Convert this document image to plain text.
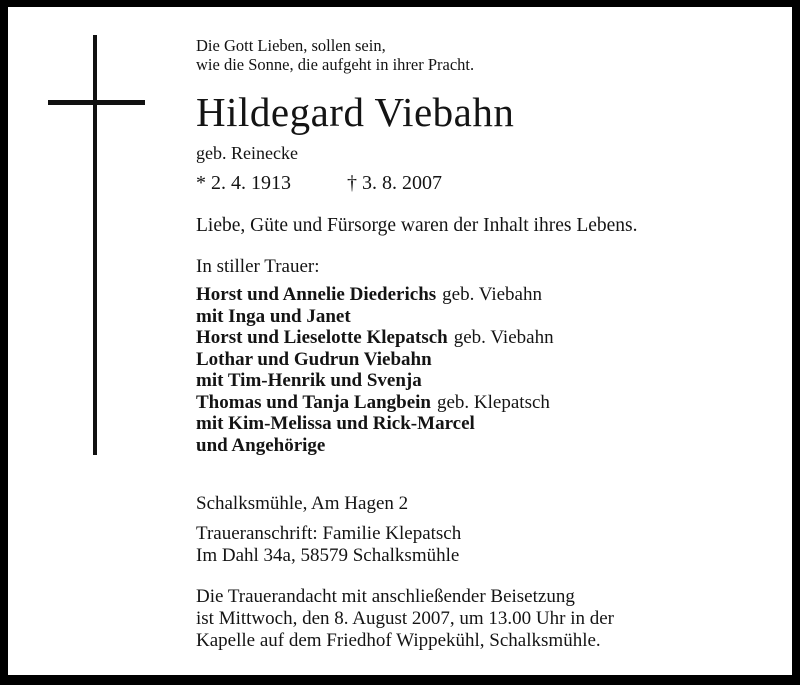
Die Gott Lieben, sollen sein,
wie die Sonne, die aufgeht in ihrer Pracht.
Hildegard Viebahn
geb. Reinecke
* 2. 4. 1913	† 3. 8. 2007
Liebe, Güte und Fürsorge waren der Inhalt ihres Lebens.
In stiller Trauer:
Horst und Annelie Diederichs geb. Viebahn
mit Inga und Janet
Horst und Lieselotte Klepatsch geb. Viebahn
Lothar und Gudrun Viebahn
mit Tim-Henrik und Svenja
Thomas und Tanja Langbein geb. Klepatsch
mit Kim-Melissa und Rick-Marcel
und Angehörige
Schalksmühle, Am Hagen 2
Traueranschrift: Familie Klepatsch
Im Dahl 34a, 58579 Schalksmühle
Die Trauerandacht mit anschließender Beisetzung
ist Mittwoch, den 8. August 2007, um 13.00 Uhr in der
Kapelle auf dem Friedhof Wippekühl, Schalksmühle.
